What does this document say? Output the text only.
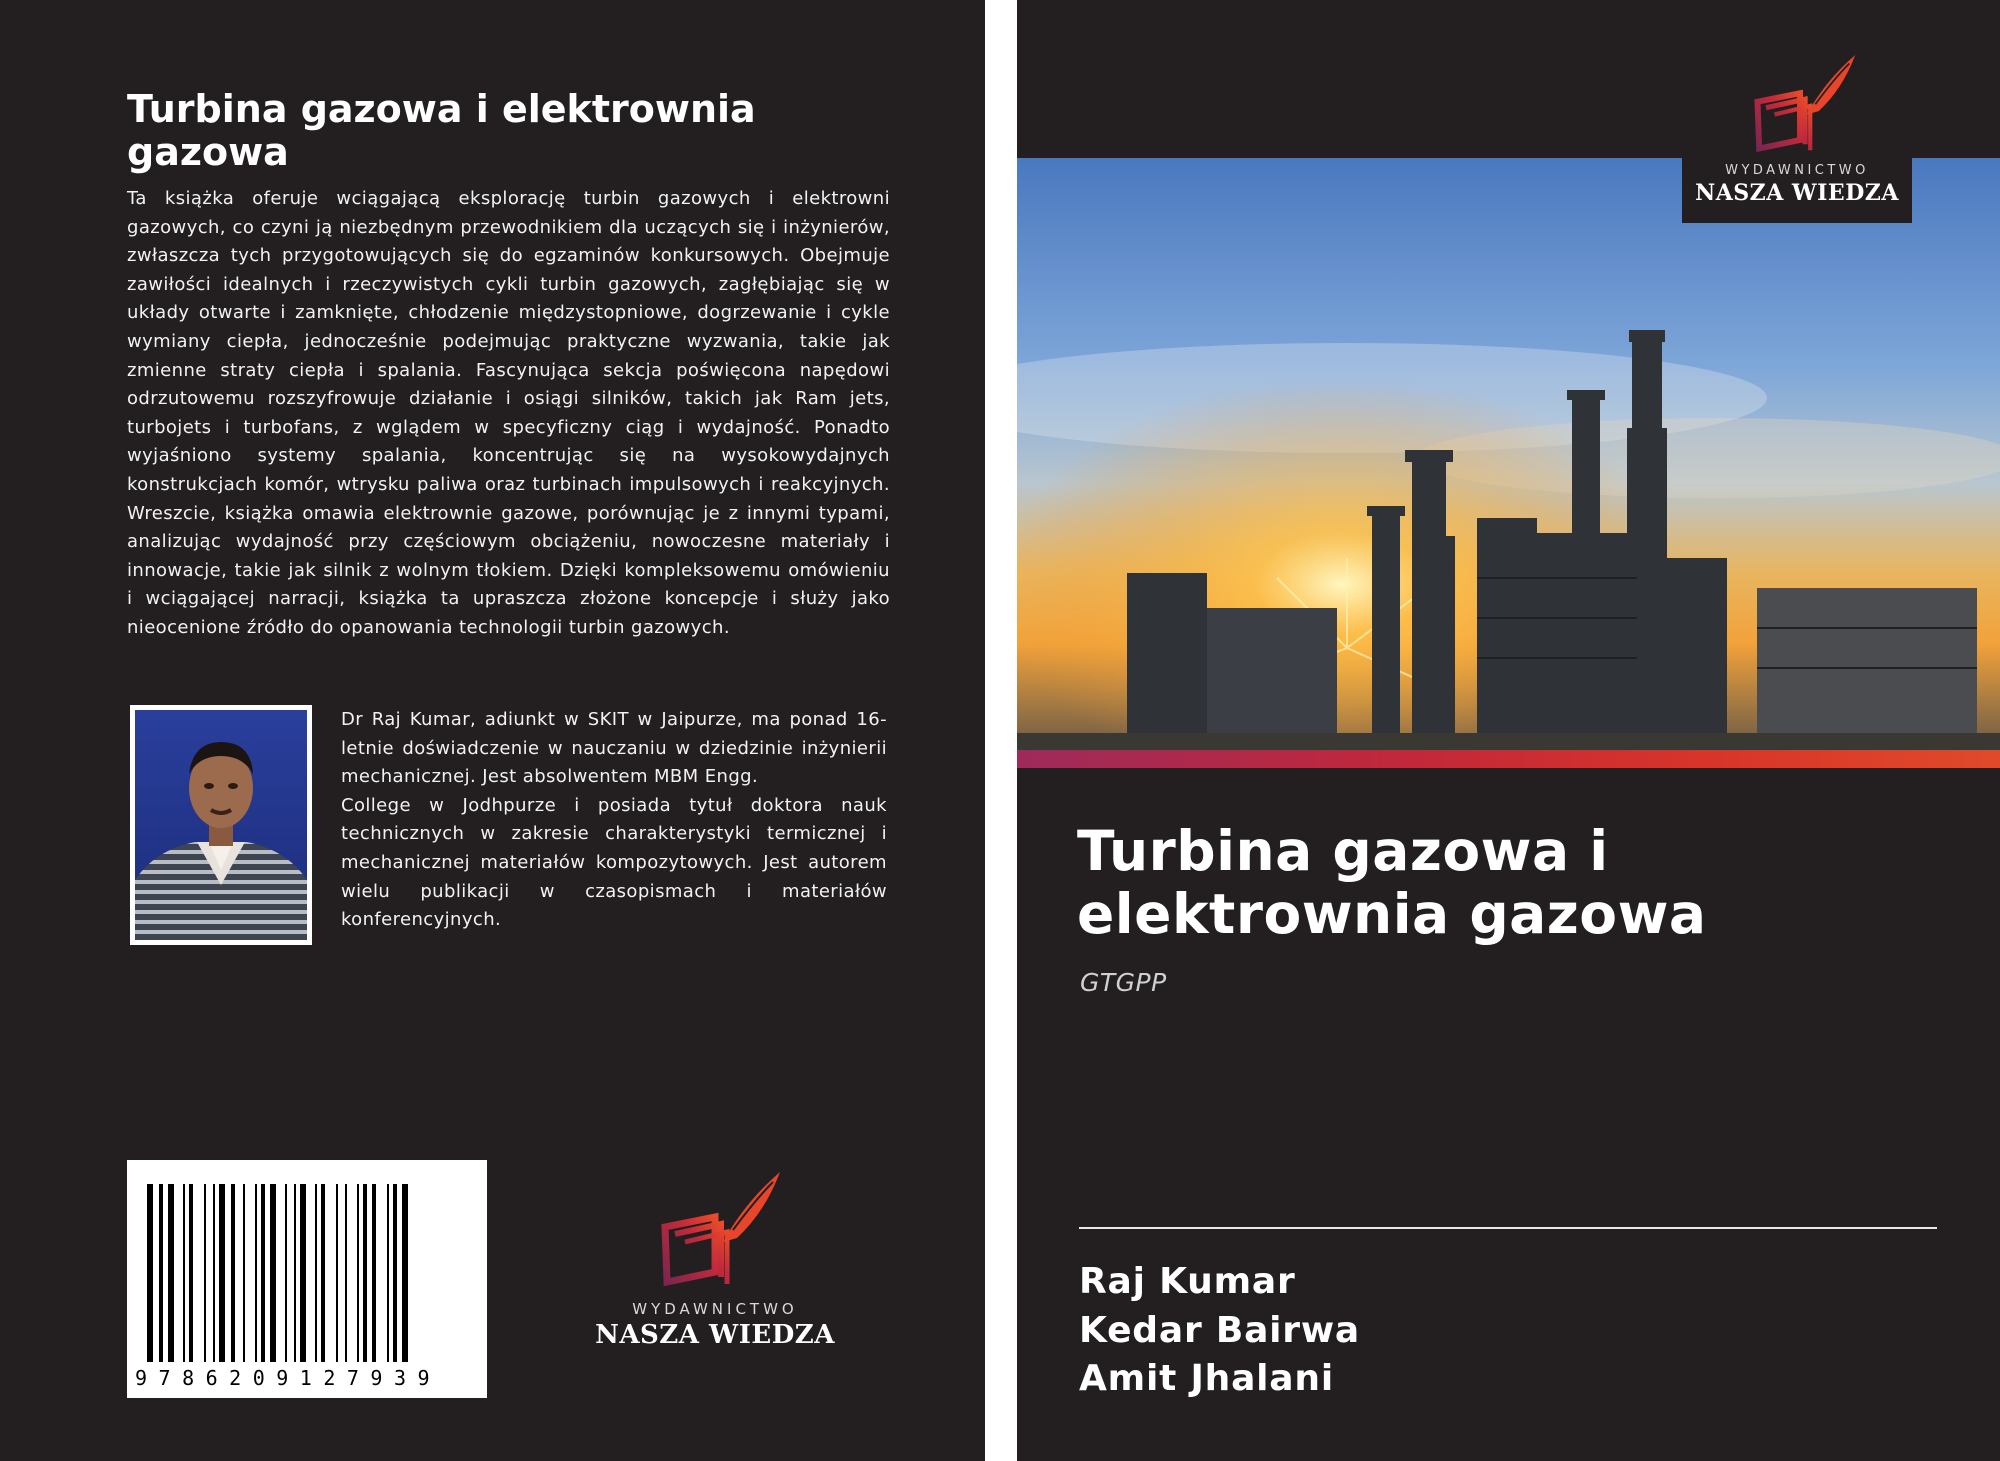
Turbina gazowa i elektrownia gazowa

Ta książka oferuje wciągającą eksplorację turbin gazowych i elektrowni gazowych, co czyni ją niezbędnym przewodnikiem dla uczących się i inżynierów, zwłaszcza tych przygotowujących się do egzaminów konkursowych. Obejmuje zawiłości idealnych i rzeczywistych cykli turbin gazowych, zagłębiając się w układy otwarte i zamknięte, chłodzenie międzystopniowe, dogrzewanie i cykle wymiany ciepła, jednocześnie podejmując praktyczne wyzwania, takie jak zmienne straty ciepła i spalania. Fascynująca sekcja poświęcona napędowi odrzutowemu rozszyfrowuje działanie i osiągi silników, takich jak Ram jets, turbojets i turbofans, z wglądem w specyficzny ciąg i wydajność. Ponadto wyjaśniono systemy spalania, koncentrując się na wysokowydajnych konstrukcjach komór, wtrysku paliwa oraz turbinach impulsowych i reakcyjnych. Wreszcie, książka omawia elektrownie gazowe, porównując je z innymi typami, analizując wydajność przy częściowym obciążeniu, nowoczesne materiały i innowacje, takie jak silnik z wolnym tłokiem. Dzięki kompleksowemu omówieniu i wciągającej narracji, książka ta upraszcza złożone koncepcje i służy jako nieocenione źródło do opanowania technologii turbin gazowych.

Dr Raj Kumar, adiunkt w SKIT w Jaipurze, ma ponad 16-letnie doświadczenie w nauczaniu w dziedzinie inżynierii mechanicznej. Jest absolwentem MBM Engg.

College w Jodhpurze i posiada tytuł doktora nauk technicznych w zakresie charakterystyki termicznej i mechanicznej materiałów kompozytowych. Jest autorem wielu publikacji w czasopismach i materiałów konferencyjnych.

9786209127939
WYDAWNICTWO
NASZA WIEDZA
WYDAWNICTWO
NASZA WIEDZA
Turbina gazowa i elektrownia gazowa
GTGPP
Raj Kumar
Kedar Bairwa
Amit Jhalani
